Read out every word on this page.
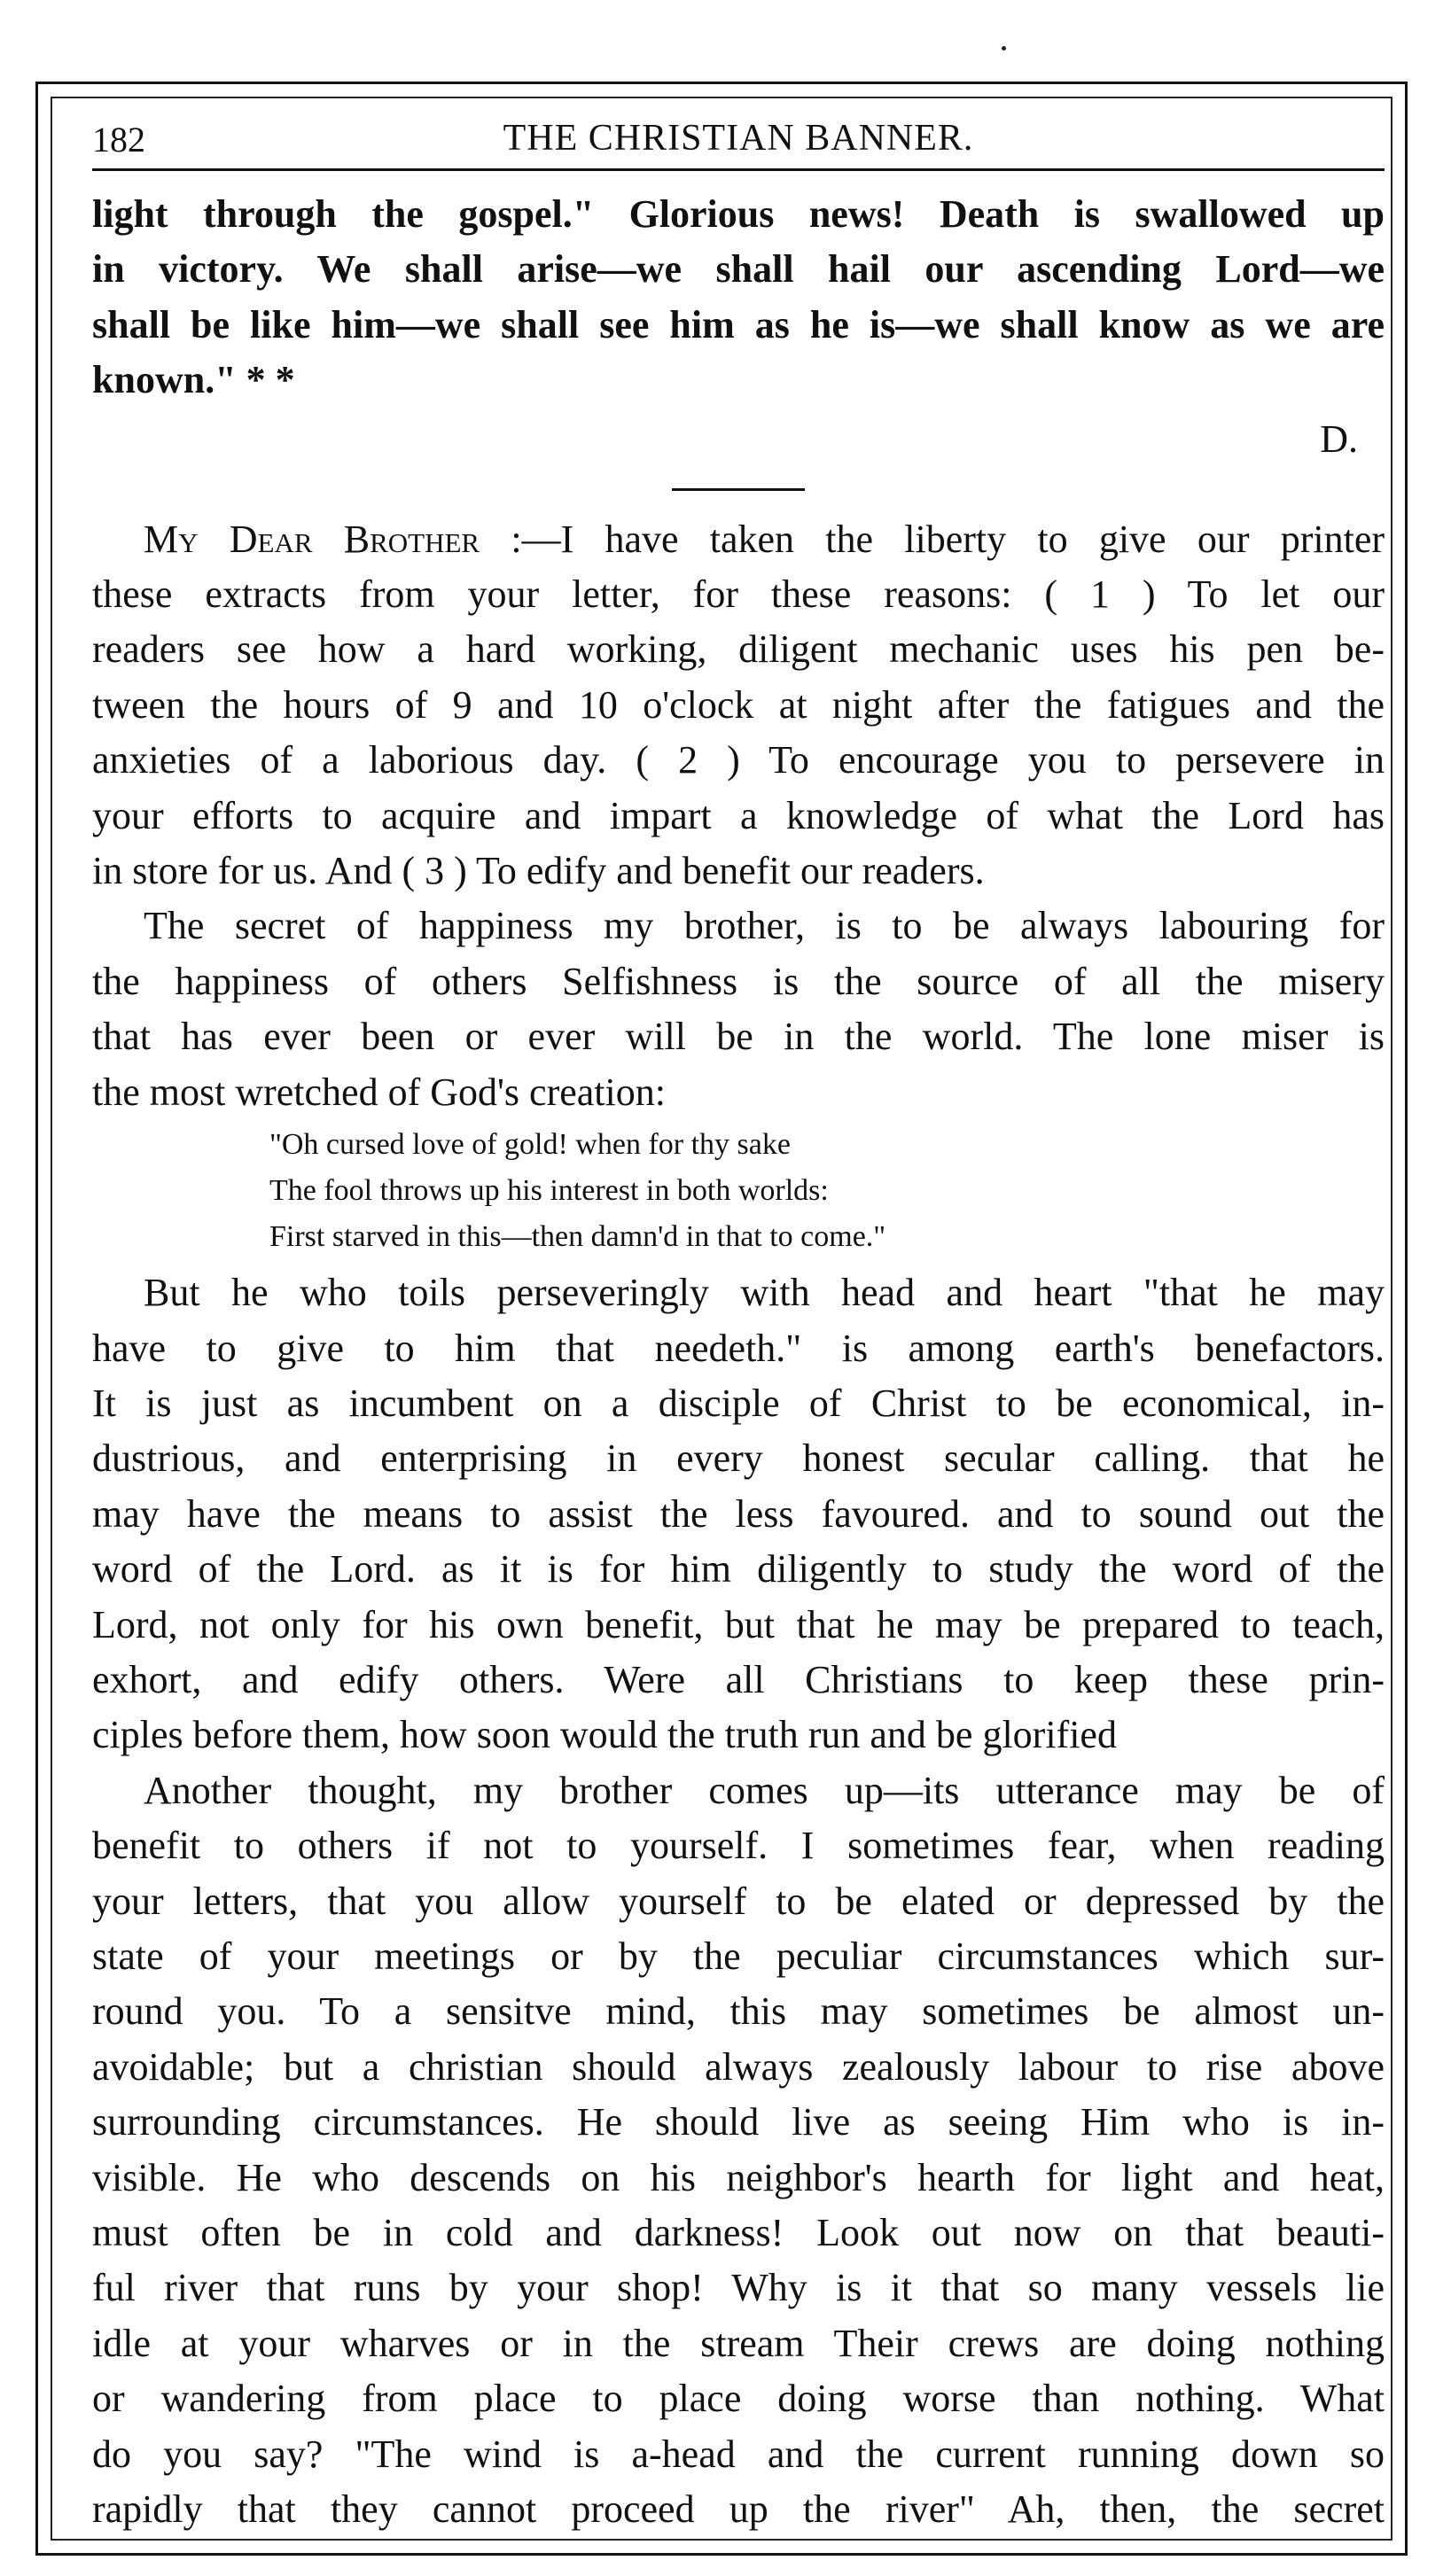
182	THE CHRISTIAN BANNER.
light through the gospel." Glorious news! Death is swallowed up
in victory. We shall arise—we shall hail our ascending Lord—we
shall be like him—we shall see him as he is—we shall know as we are
known." * *
D.
My Dear Brother :—I have taken the liberty to give our printer
these extracts from your letter, for these reasons: ( 1 ) To let our
readers see how a hard working, diligent mechanic uses his pen be-
tween the hours of 9 and 10 o'clock at night after the fatigues and the
anxieties of a laborious day. ( 2 ) To encourage you to persevere in
your efforts to acquire and impart a knowledge of what the Lord has
in store for us. And ( 3 ) To edify and benefit our readers.
The secret of happiness my brother, is to be always labouring for
the happiness of others Selfishness is the source of all the misery
that has ever been or ever will be in the world. The lone miser is
the most wretched of God's creation:
"Oh cursed love of gold! when for thy sake
The fool throws up his interest in both worlds:
First starved in this—then damn'd in that to come."
But he who toils perseveringly with head and heart "that he may
have to give to him that needeth." is among earth's benefactors.
It is just as incumbent on a disciple of Christ to be economical, in-
dustrious, and enterprising in every honest secular calling. that he
may have the means to assist the less favoured. and to sound out the
word of the Lord. as it is for him diligently to study the word of the
Lord, not only for his own benefit, but that he may be prepared to teach,
exhort, and edify others. Were all Christians to keep these prin-
ciples before them, how soon would the truth run and be glorified
Another thought, my brother comes up—its utterance may be of
benefit to others if not to yourself. I sometimes fear, when reading
your letters, that you allow yourself to be elated or depressed by the
state of your meetings or by the peculiar circumstances which sur-
round you. To a sensitve mind, this may sometimes be almost un-
avoidable; but a christian should always zealously labour to rise above
surrounding circumstances. He should live as seeing Him who is in-
visible. He who descends on his neighbor's hearth for light and heat,
must often be in cold and darkness! Look out now on that beauti-
ful river that runs by your shop! Why is it that so many vessels lie
idle at your wharves or in the stream Their crews are doing nothing
or wandering from place to place doing worse than nothing. What
do you say? "The wind is a-head and the current running down so
rapidly that they cannot proceed up the river" Ah, then, the secret
